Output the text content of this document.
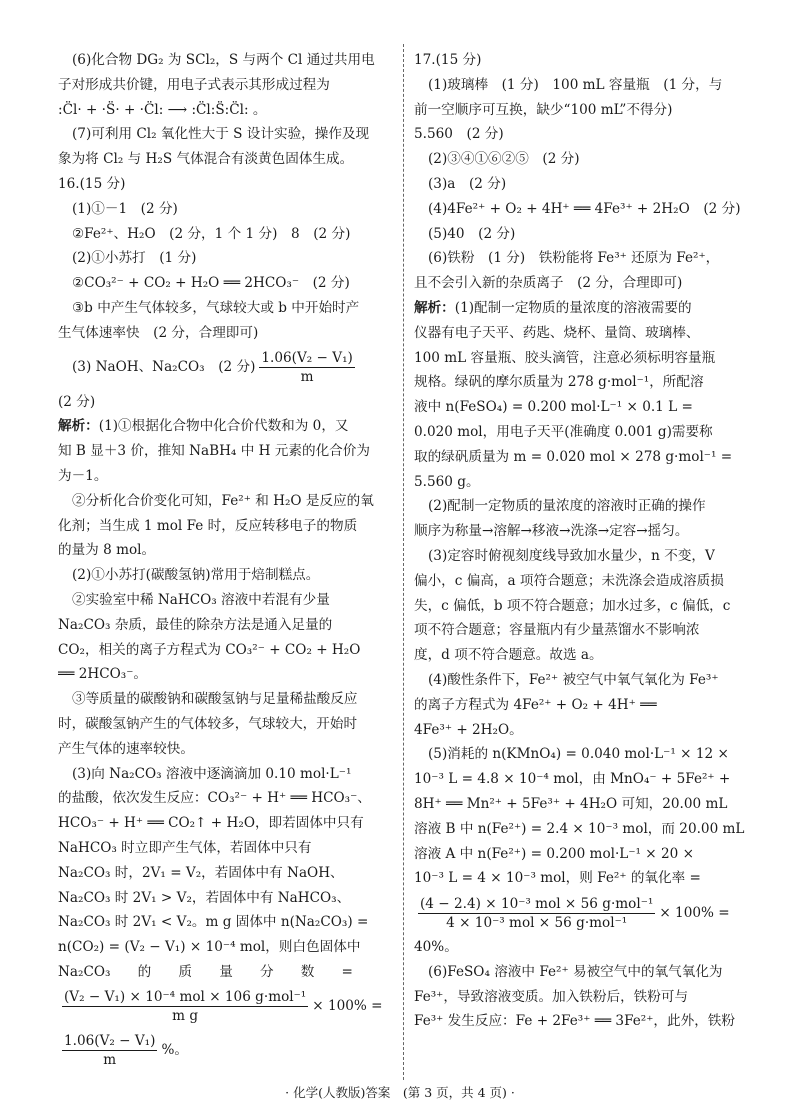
(6)化合物 DG₂ 为 SCl₂，S 与两个 Cl 通过共用电
子对形成共价键，用电子式表示其形成过程为
:C̈l· + ·S̈· + ·C̈l: ⟶ :C̈l:S̈:C̈l: 。
(7)可利用 Cl₂ 氧化性大于 S 设计实验，操作及现
象为将 Cl₂ 与 H₂S 气体混合有淡黄色固体生成。
16.(15 分)
(1)①－1　(2 分)
②Fe²⁺、H₂O　(2 分，1 个 1 分)　8　(2 分)
(2)①小苏打　(1 分)
②CO₃²⁻ + CO₂ + H₂O ══ 2HCO₃⁻　(2 分)
③b 中产生气体较多，气球较大或 b 中开始时产
生气体速率快　(2 分，合理即可)
(3) NaOH、Na₂CO₃　(2 分) $\frac{\text{1.06(V₂ − V₁)}}{m}$
(2 分)
解析：(1)①根据化合物中化合价代数和为 0，又
知 B 显＋3 价，推知 NaBH₄ 中 H 元素的化合价为
为－1。
②分析化合价变化可知，Fe²⁺ 和 H₂O 是反应的氧
化剂；当生成 1 mol Fe 时，反应转移电子的物质
的量为 8 mol。
(2)①小苏打(碳酸氢钠)常用于焙制糕点。
②实验室中稀 NaHCO₃ 溶液中若混有少量
Na₂CO₃ 杂质，最佳的除杂方法是通入足量的
CO₂，相关的离子方程式为 CO₃²⁻ + CO₂ + H₂O
══ 2HCO₃⁻。
③等质量的碳酸钠和碳酸氢钠与足量稀盐酸反应
时，碳酸氢钠产生的气体较多，气球较大，开始时
产生气体的速率较快。
(3)向 Na₂CO₃ 溶液中逐滴滴加 0.10 mol·L⁻¹
的盐酸，依次发生反应：CO₃²⁻ + H⁺ ══ HCO₃⁻、
HCO₃⁻ + H⁺ ══ CO₂↑ + H₂O，即若固体中只有
NaHCO₃ 时立即产生气体，若固体中只有
Na₂CO₃ 时，2V₁ = V₂，若固体中有 NaOH、
Na₂CO₃ 时 2V₁ > V₂，若固体中有 NaHCO₃、
Na₂CO₃ 时 2V₁ < V₂。m g 固体中 n(Na₂CO₃) =
n(CO₂) = (V₂ − V₁) × 10⁻⁴ mol，则白色固体中
Na₂CO₃　　的　　质　　量　　分　　数　　=
$\frac{\text{(V₂ − V₁) × 10⁻⁴ mol × 106 g·mol⁻¹}}{\text{m g}} \times 100\%$ =
$\frac{\text{1.06(V₂ − V₁)}}{m}$ %。
17.(15 分)
(1)玻璃棒　(1 分)　100 mL 容量瓶　(1 分，与
前一空顺序可互换，缺少“100 mL”不得分)
5.560　(2 分)
(2)③④①⑥②⑤　(2 分)
(3)a　(2 分)
(4)4Fe²⁺ + O₂ + 4H⁺ ══ 4Fe³⁺ + 2H₂O　(2 分)
(5)40　(2 分)
(6)铁粉　(1 分)　铁粉能将 Fe³⁺ 还原为 Fe²⁺，
且不会引入新的杂质离子　(2 分，合理即可)
解析：(1)配制一定物质的量浓度的溶液需要的
仪器有电子天平、药匙、烧杯、量筒、玻璃棒、
100 mL 容量瓶、胶头滴管，注意必须标明容量瓶
规格。绿矾的摩尔质量为 278 g·mol⁻¹，所配溶
液中 n(FeSO₄) = 0.200 mol·L⁻¹ × 0.1 L =
0.020 mol，用电子天平(准确度 0.001 g)需要称
取的绿矾质量为 m = 0.020 mol × 278 g·mol⁻¹ =
5.560 g。
(2)配制一定物质的量浓度的溶液时正确的操作
顺序为称量→溶解→移液→洗涤→定容→摇匀。
(3)定容时俯视刻度线导致加水量少，n 不变，V
偏小，c 偏高，a 项符合题意；未洗涤会造成溶质损
失，c 偏低，b 项不符合题意；加水过多，c 偏低，c
项不符合题意；容量瓶内有少量蒸馏水不影响浓
度，d 项不符合题意。故选 a。
(4)酸性条件下，Fe²⁺ 被空气中氧气氧化为 Fe³⁺
的离子方程式为 4Fe²⁺ + O₂ + 4H⁺ ══
4Fe³⁺ + 2H₂O。
(5)消耗的 n(KMnO₄) = 0.040 mol·L⁻¹ × 12 ×
10⁻³ L = 4.8 × 10⁻⁴ mol，由 MnO₄⁻ + 5Fe²⁺ +
8H⁺ ══ Mn²⁺ + 5Fe³⁺ + 4H₂O 可知，20.00 mL
溶液 B 中 n(Fe²⁺) = 2.4 × 10⁻³ mol，而 20.00 mL
溶液 A 中 n(Fe²⁺) = 0.200 mol·L⁻¹ × 20 ×
10⁻³ L = 4 × 10⁻³ mol，则 Fe²⁺ 的氧化率 =
$\frac{\text{(4 − 2.4) × 10⁻³ mol × 56 g·mol⁻¹}}{\text{4 × 10⁻³ mol × 56 g·mol⁻¹}} \times 100\%$ =
40%。
(6)FeSO₄ 溶液中 Fe²⁺ 易被空气中的氧气氧化为
Fe³⁺，导致溶液变质。加入铁粉后，铁粉可与
Fe³⁺ 发生反应：Fe + 2Fe³⁺ ══ 3Fe²⁺，此外，铁粉
· 化学(人教版)答案　(第 3 页，共 4 页) ·
